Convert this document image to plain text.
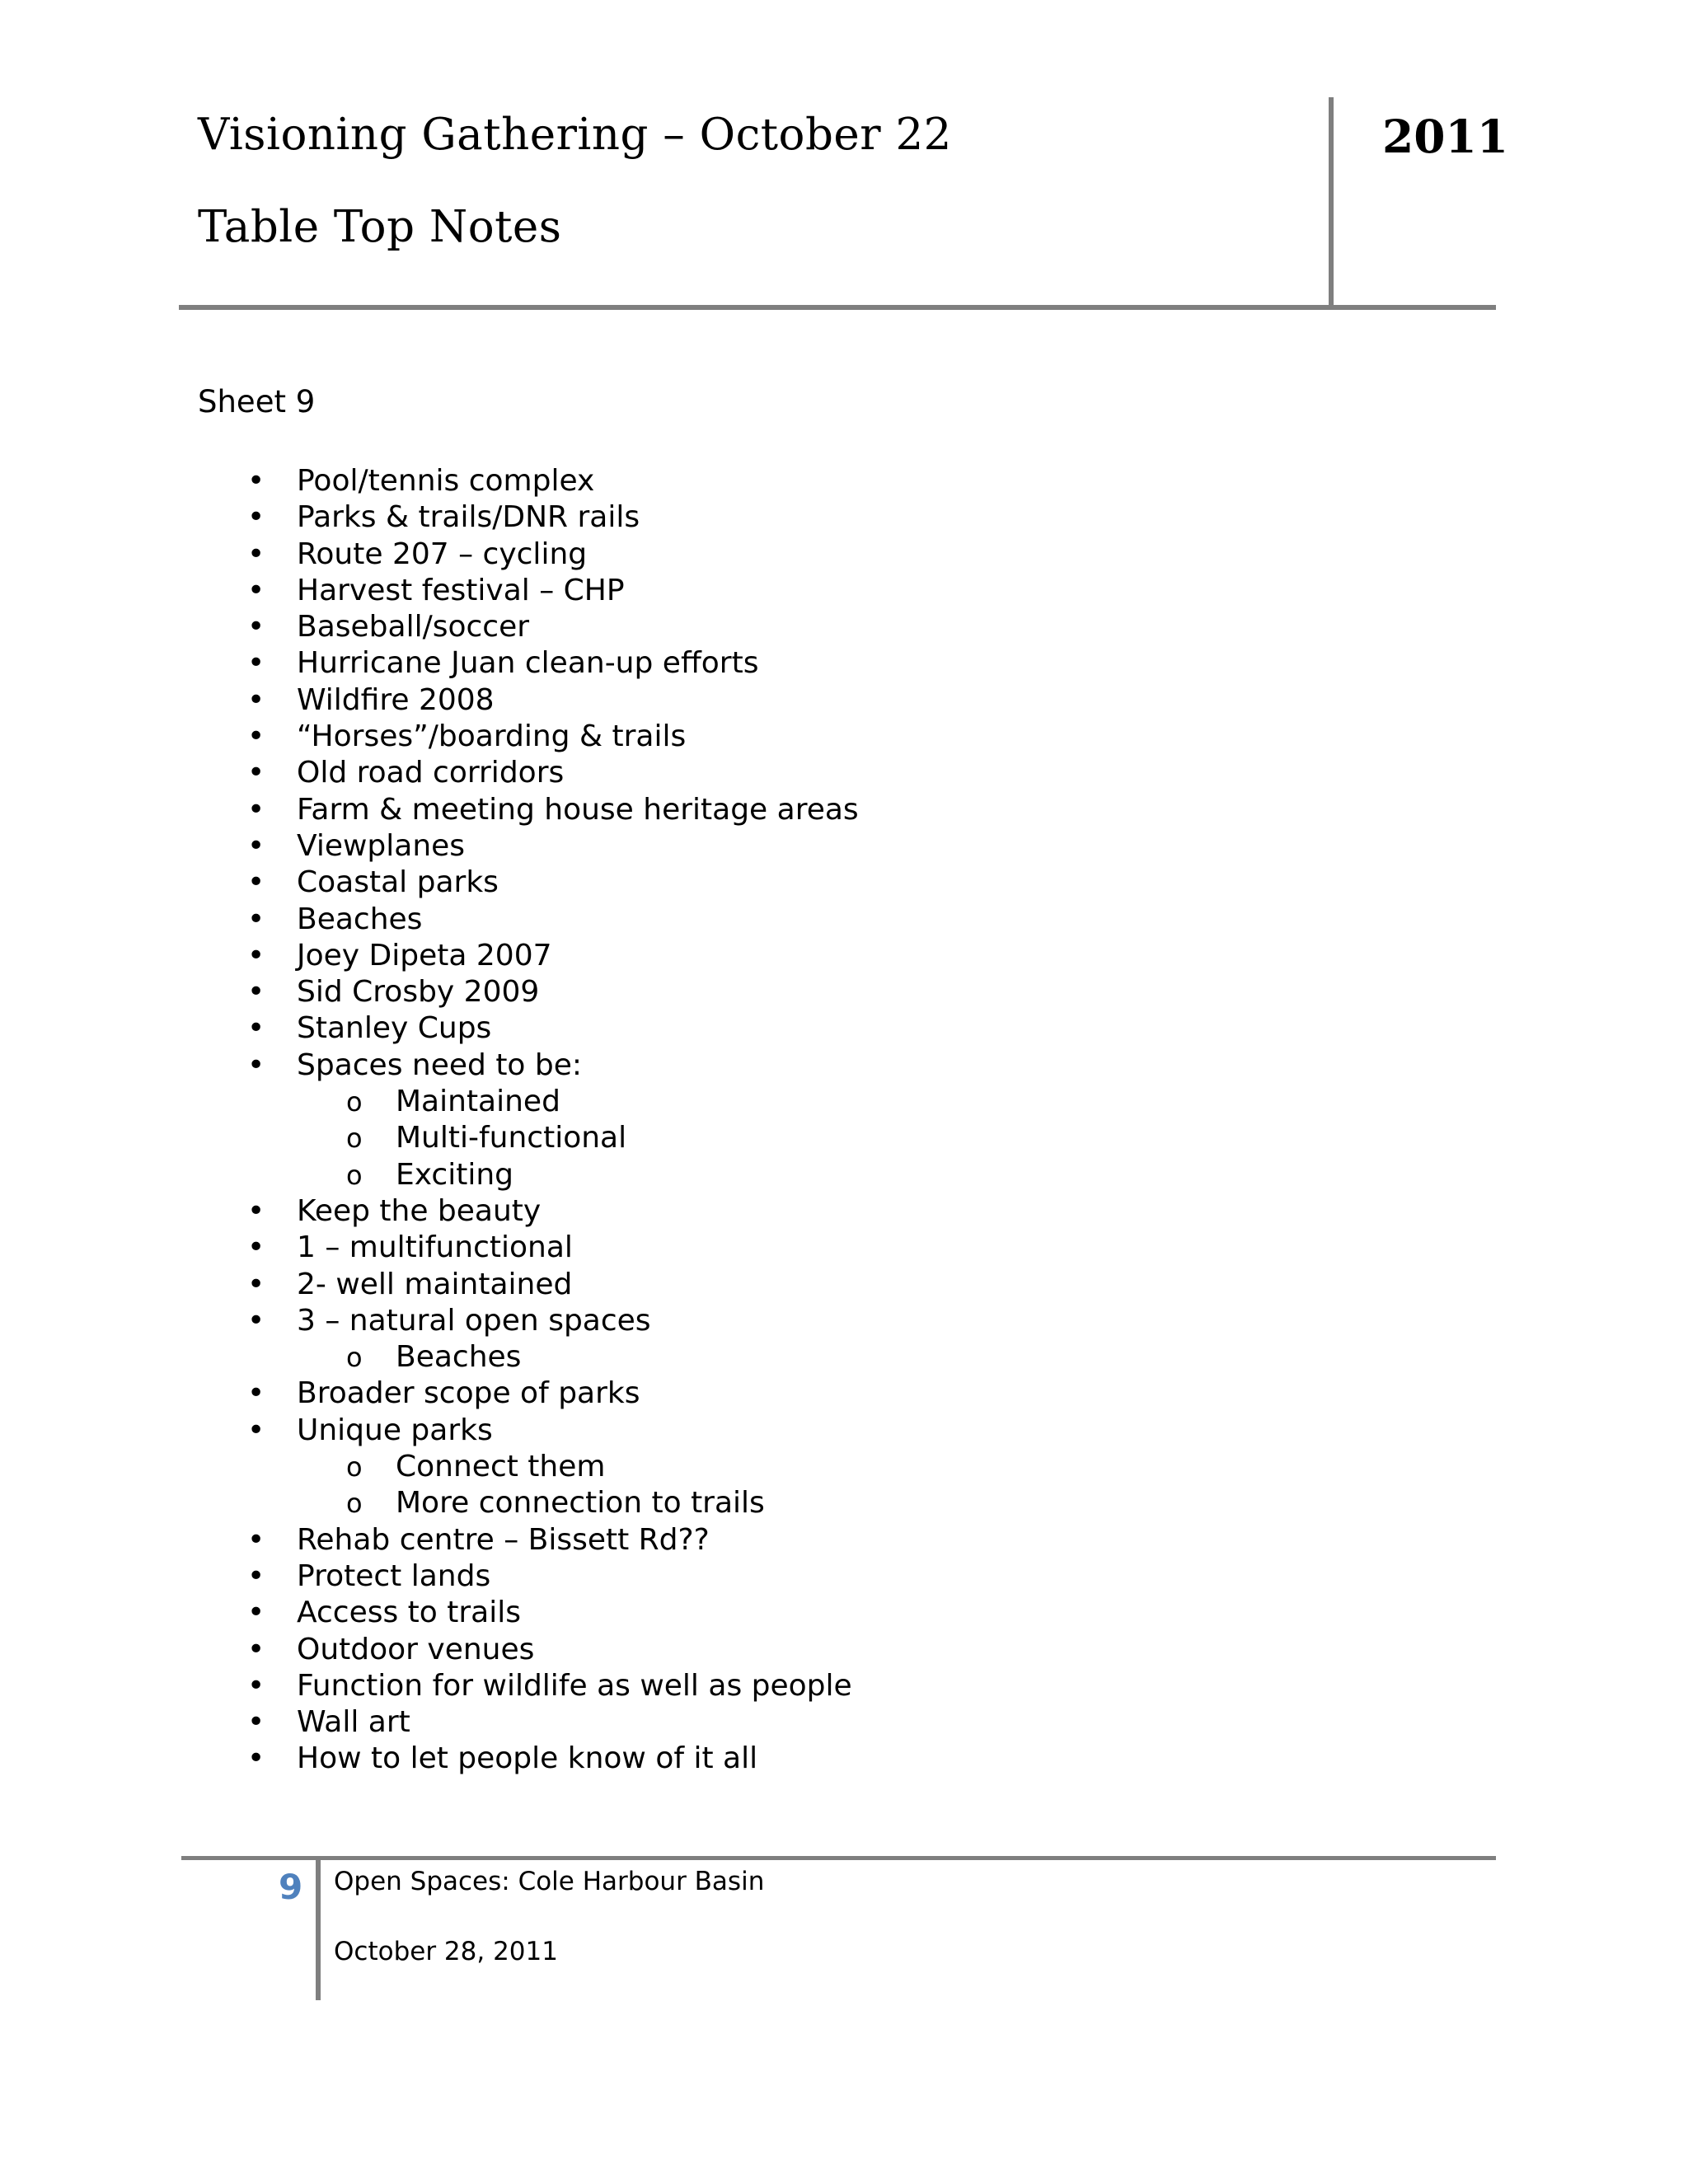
Visioning Gathering – October 22
Table Top Notes
2011
Sheet 9
• Pool/tennis complex
• Parks & trails/DNR rails
• Route 207 – cycling
• Harvest festival – CHP
• Baseball/soccer
• Hurricane Juan clean-up efforts
• Wildfire 2008
• “Horses”/boarding & trails
• Old road corridors
• Farm & meeting house heritage areas
• Viewplanes
• Coastal parks
• Beaches
• Joey Dipeta 2007
• Sid Crosby 2009
• Stanley Cups
• Spaces need to be:
o Maintained
o Multi-functional
o Exciting
• Keep the beauty
• 1 – multifunctional
• 2- well maintained
• 3 – natural open spaces
o Beaches
• Broader scope of parks
• Unique parks
o Connect them
o More connection to trails
• Rehab centre – Bissett Rd??
• Protect lands
• Access to trails
• Outdoor venues
• Function for wildlife as well as people
• Wall art
• How to let people know of it all
9 Open Spaces: Cole Harbour Basin
October 28, 2011
